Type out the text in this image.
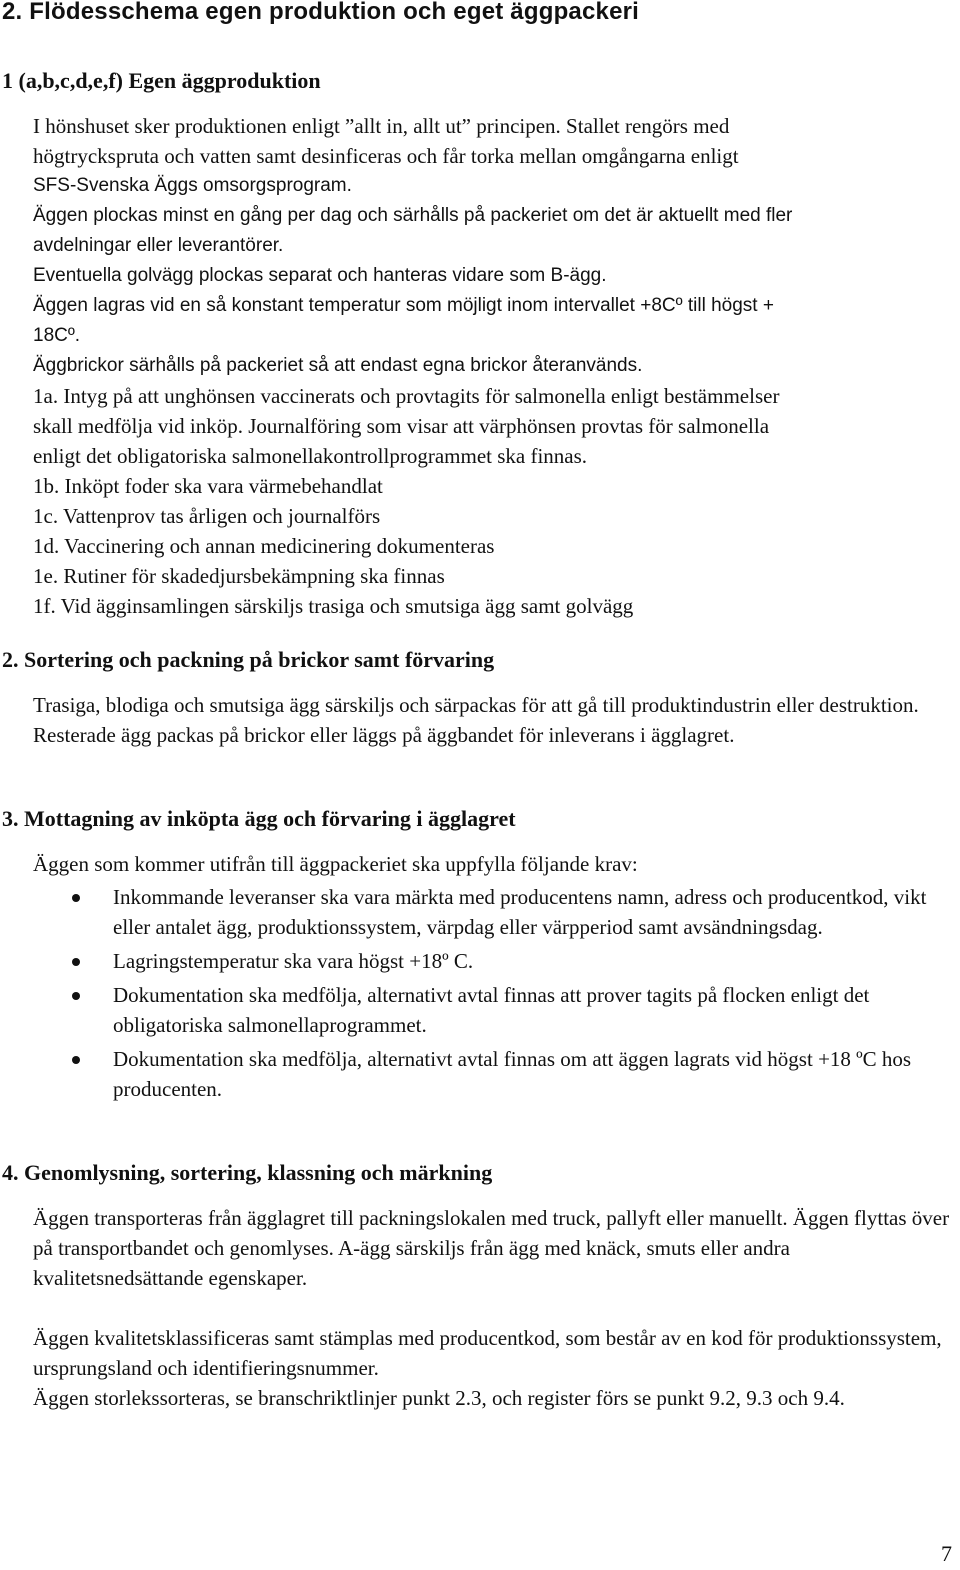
2. Flödesschema egen produktion och eget äggpackeri
1 (a,b,c,d,e,f) Egen äggproduktion
I hönshuset sker produktionen enligt ”allt in, allt ut” principen. Stallet rengörs med
högtryckspruta och vatten samt desinficeras och får torka mellan omgångarna enligt
SFS-Svenska Äggs omsorgsprogram.
Äggen plockas minst en gång per dag och särhålls på packeriet om det är aktuellt med fler
avdelningar eller leverantörer.
Eventuella golvägg plockas separat och hanteras vidare som B-ägg.
Äggen lagras vid en så konstant temperatur som möjligt inom intervallet +8Cº till högst +
18Cº.
Äggbrickor särhålls på packeriet så att endast egna brickor återanvänds.
1a. Intyg på att unghönsen vaccinerats och provtagits för salmonella enligt bestämmelser
skall medfölja vid inköp. Journalföring som visar att värphönsen provtas för salmonella
enligt det obligatoriska salmonellakontrollprogrammet ska finnas.
1b. Inköpt foder ska vara värmebehandlat
1c. Vattenprov tas årligen och journalförs
1d. Vaccinering och annan medicinering dokumenteras
1e. Rutiner för skadedjursbekämpning ska finnas
1f. Vid ägginsamlingen särskiljs trasiga och smutsiga ägg samt golvägg
2. Sortering och packning på brickor samt förvaring
Trasiga, blodiga och smutsiga ägg särskiljs och särpackas för att gå till produktindustrin eller destruktion. Resterade ägg packas på brickor eller läggs på äggbandet för inleverans i ägglagret.
3. Mottagning av inköpta ägg och förvaring i ägglagret
Äggen som kommer utifrån till äggpackeriet ska uppfylla följande krav:
Inkommande leveranser ska vara märkta med producentens namn, adress och producentkod, vikt eller antalet ägg, produktionssystem, värpdag eller värpperiod samt avsändningsdag.
Lagringstemperatur ska vara högst +18º C.
Dokumentation ska medfölja, alternativt avtal finnas att prover tagits på flocken enligt det obligatoriska salmonellaprogrammet.
Dokumentation ska medfölja, alternativt avtal finnas om att äggen lagrats vid högst +18 ºC hos producenten.
4. Genomlysning, sortering, klassning och märkning
Äggen transporteras från ägglagret till packningslokalen med truck, pallyft eller manuellt. Äggen flyttas över på transportbandet och genomlyses. A-ägg särskiljs från ägg med knäck, smuts eller andra kvalitetsnedsättande egenskaper.
Äggen kvalitetsklassificeras samt stämplas med producentkod, som består av en kod för produktionssystem, ursprungsland och identifieringsnummer.
Äggen storlekssorteras, se branschriktlinjer punkt 2.3, och register förs se punkt 9.2, 9.3 och 9.4.
7
